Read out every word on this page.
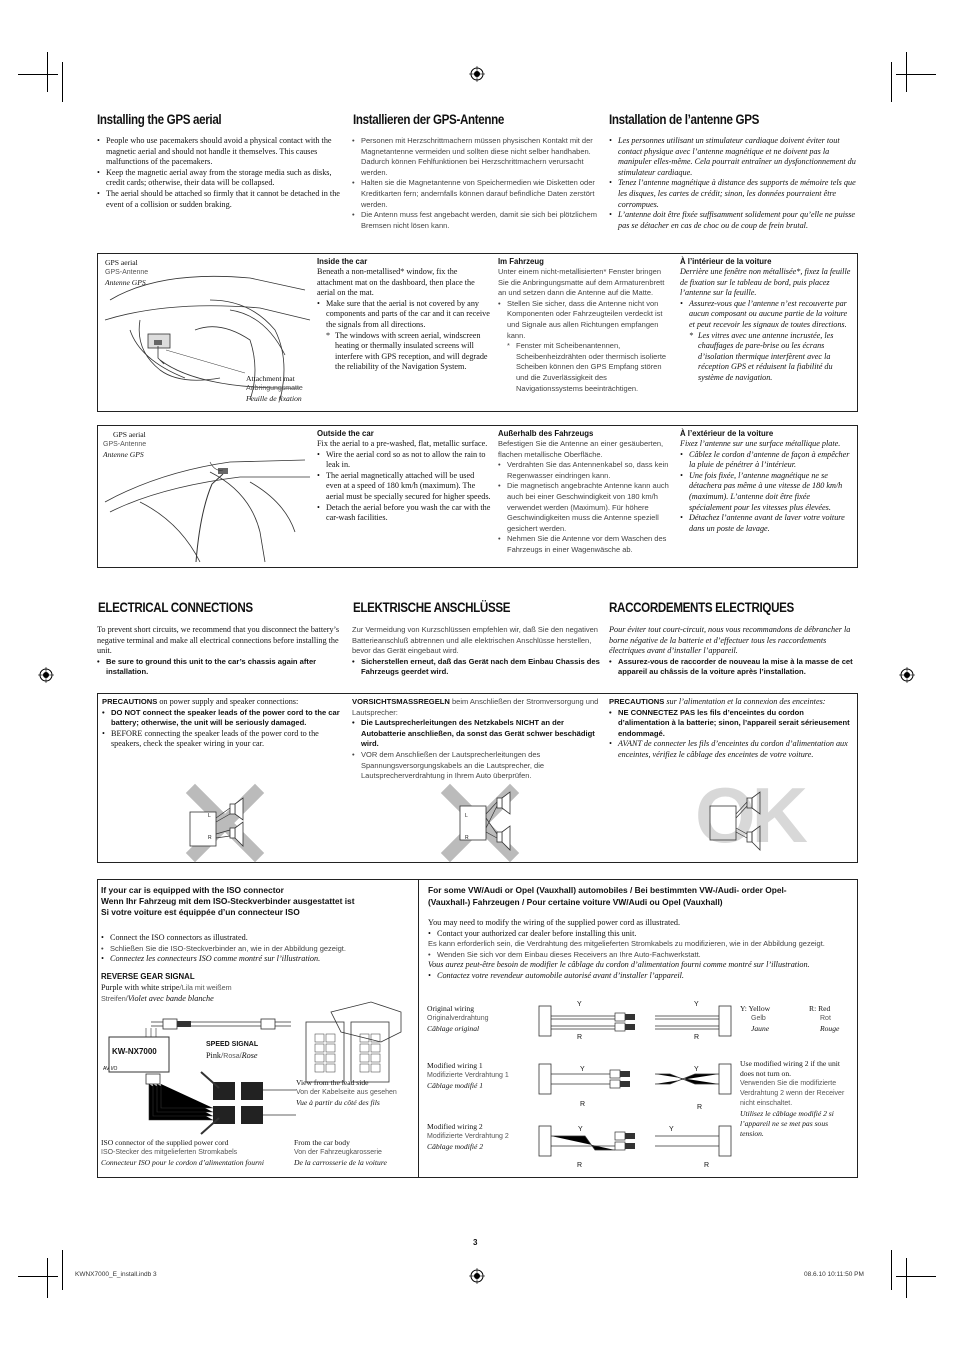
Installing the GPS aerial	Installieren der GPS-Antenne	Installation de l’antenne GPS
• People who use pacemakers should avoid a physical contact with the magnetic aerial and should not handle it themselves. This causes malfunctions of the pacemakers.
• Keep the magnetic aerial away from the storage media such as disks, credit cards; otherwise, their data will be collapsed.
• The aerial should be attached so firmly that it cannot be detached in the event of a collision or sudden braking.
• Personen mit Herzschrittmachern müssen physischen Kontakt mit der Magnetantenne vermeiden und sollten diese nicht selber handhaben. Dadurch können Fehlfunktionen bei Herzschrittmachern verursacht werden.
• Halten sie die Magnetantenne von Speichermedien wie Disketten oder Kreditkarten fern; andernfalls können darauf befindliche Daten zerstört werden.
• Die Antenn muss fest angebacht werden, damit sie sich bei plötzlichem Bremsen nicht lösen kann.
• Les personnes utilisant un stimulateur cardiaque doivent éviter tout contact physique avec l’antenne magnétique et ne doivent pas la manipuler elles-même. Cela pourrait entraîner un dysfonctionnement du stimulateur cardiaque.
• Tenez l’antenne magnétique à distance des supports de mémoire tels que les disques, les cartes de crédit; sinon, les données pourraient être corrompues.
• L’antenne doit être fixée suffisamment solidement pour qu’elle ne puisse pas se détacher en cas de choc ou de coup de frein brutal.
GPS aerial
GPS-Antenne
Antenne GPS
Attachment mat
Anbringungsmatte
Feuille de fixation
Inside the car
Beneath a non-metallised* window, fix the attachment mat on the dashboard, then place the aerial on the mat.
• Make sure that the aerial is not covered by any components and parts of the car and it can receive the signals from all directions.
* The windows with screen aerial, windscreen heating or thermally insulated screens will interfere with GPS reception, and will degrade the reliability of the Navigation System.
Im Fahrzeug
Unter einem nicht-metallisierten* Fenster bringen Sie die Anbringungsmatte auf dem Armaturenbrett an und setzen dann die Antenne auf die Matte.
• Stellen Sie sicher, dass die Antenne nicht von Komponenten oder Fahrzeugteilen verdeckt ist und Signale aus allen Richtungen empfangen kann.
* Fenster mit Scheibenantennen, Scheibenheizdrähten oder thermisch isolierte Scheiben können den GPS Empfang stören und die Zuverlässigkeit des Navigationssystems beeinträchtigen.
À l’intérieur de la voiture
Derrière une fenêtre non métallisée*, fixez la feuille de fixation sur le tableau de bord, puis placez l’antenne sur la feuille.
• Assurez-vous que l’antenne n’est recouverte par aucun composant ou aucune partie de la voiture et peut recevoir les signaux de toutes directions.
* Les vitres avec une antenne incrustée, les chauffages de pare-brise ou les écrans d’isolation thermique interfèrent avec la réception GPS et réduisent la fiabilité du système de navigation.
GPS aerial
GPS-Antenne
Antenne GPS
Outside the car
Fix the aerial to a pre-washed, flat, metallic surface.
• Wire the aerial cord so as not to allow the rain to leak in.
• The aerial magnetically attached will be used even at a speed of 180 km/h (maximum). The aerial must be specially secured for higher speeds.
• Detach the aerial before you wash the car with the car-wash facilities.
Außerhalb des Fahrzeugs
Befestigen Sie die Antenne an einer gesäuberten, flachen metallische Oberfläche.
• Verdrahten Sie das Antennenkabel so, dass kein Regenwasser eindringen kann.
• Die magnetisch angebrachte Antenne kann auch auch bei einer Geschwindigkeit von 180 km/h verwendet werden (Maximum). Für höhere Geschwindigkeiten muss die Antenne speziell gesichert werden.
• Nehmen Sie die Antenne vor dem Waschen des Fahrzeugs in einer Wagenwäsche ab.
À l’extérieur de la voiture
Fixez l’antenne sur une surface métallique plate.
• Câblez le cordon d’antenne de façon à empêcher la pluie de pénétrer à l’intérieur.
• Une fois fixée, l’antenne magnétique ne se détachera pas même à une vitesse de 180 km/h (maximum). L’antenne doit être fixée spécialement pour les vitesses plus élevées.
• Détachez l’antenne avant de laver votre voiture dans un poste de lavage.
ELECTRICAL CONNECTIONS	ELEKTRISCHE ANSCHLÜSSE	RACCORDEMENTS ELECTRIQUES
To prevent short circuits, we recommend that you disconnect the battery’s negative terminal and make all electrical connections before installing the unit.
• Be sure to ground this unit to the car’s chassis again after installation.
Zur Vermeidung von Kurzschlüssen empfehlen wir, daß Sie den negativen Batterieanschluß abtrennen und alle elektrischen Anschlüsse herstellen, bevor das Gerät eingebaut wird.
• Sicherstellen erneut, daß das Gerät nach dem Einbau Chassis des Fahrzeugs geerdet wird.
Pour éviter tout court-circuit, nous vous recommandons de débrancher la borne négative de la batterie et d’effectuer tous les raccordements électriques avant d’installer l’appareil.
• Assurez-vous de raccorder de nouveau la mise à la masse de cet appareil au châssis de la voiture après l’installation.
PRECAUTIONS on power supply and speaker connections:
• DO NOT connect the speaker leads of the power cord to the car battery; otherwise, the unit will be seriously damaged.
• BEFORE connecting the speaker leads of the power cord to the speakers, check the speaker wiring in your car.
VORSICHTSMASSREGELN beim Anschließen der Stromversorgung und Lautsprecher:
• Die Lautsprecherleitungen des Netzkabels NICHT an der Autobatterie anschließen, da sonst das Gerät schwer beschädigt wird.
• VOR dem Anschließen der Lautsprecherleitungen des Spannungsversorgungskabels an die Lautsprecher, die Lautsprecherverdrahtung in Ihrem Auto überprüfen.
PRECAUTIONS sur l’alimentation et la connexion des enceintes:
• NE CONNECTEZ PAS les fils d’enceintes du cordon d’alimentation à la batterie; sinon, l’appareil serait sérieusement endommagé.
• AVANT de connecter les fils d’enceintes du cordon d’alimentation aux enceintes, vérifiez le câblage des enceintes de votre voiture.
L
R
L
R	OK
If your car is equipped with the ISO connector
Wenn Ihr Fahrzeug mit dem ISO-Steckverbinder ausgestattet ist
Si votre voiture est équippée d’un connecteur ISO
• Connect the ISO connectors as illustrated.
• Schließen Sie die ISO-Steckverbinder an, wie in der Abbildung gezeigt.
• Connectez les connecteurs ISO comme montré sur l’illustration.
REVERSE GEAR SIGNAL
Purple with white stripe/Lila mit weißem Streifen/Violet avec bande blanche
KW-NX7000
AV I/O
SPEED SIGNAL
Pink/Rosa/Rose
View from the lead side
Von der Kabelseite aus gesehen
Vue à partir du côté des fils
ISO connector of the supplied power cord
ISO-Stecker des mitgelieferten Stromkabels
Connecteur ISO pour le cordon d’alimentation fourni
From the car body
Von der Fahrzeugkarosserie
De la carrosserie de la voiture
For some VW/Audi or Opel (Vauxhall) automobiles / Bei bestimmten VW-/Audi- order Opel-
(Vauxhall-) Fahrzeugen / Pour certaine voiture VW/Audi ou Opel (Vauxhall)
You may need to modify the wiring of the supplied power cord as illustrated.
• Contact your authorized car dealer before installing this unit.
Es kann erforderlich sein, die Verdrahtung des mitgelieferten Stromkabels zu modifizieren, wie in der Abbildung gezeigt.
• Wenden Sie sich vor dem Einbau dieses Receivers an Ihre Auto-Fachwerkstatt.
Vous aurez peut-être besoin de modifier le câblage du cordon d’alimentation fourni comme montré sur l’illustration.
• Contactez votre revendeur automobile autorisé avant d’installer l’appareil.
Original wiring
Originalverdrahtung
Câblage original
Modified wiring 1
Modifizierte Verdrahtung 1
Câblage modifié 1
Modified wiring 2
Modifizierte Verdrahtung 2
Câblage modifié 2
Y	Y
R	R
Y	Y
R	R
Y	Y
R	R
Y: Yellow
Gelb
Jaune
R: Red
Rot
Rouge
Use modified wiring 2 if the unit does not turn on.
Verwenden Sie die modifizierte Verdrahtung 2 wenn der Receiver nicht einschaltet.
Utilisez le câblage modifié 2 si l’appareil ne se met pas sous tension.
3
KWNX7000_E_install.indb 3	08.6.10 10:11:50 PM
